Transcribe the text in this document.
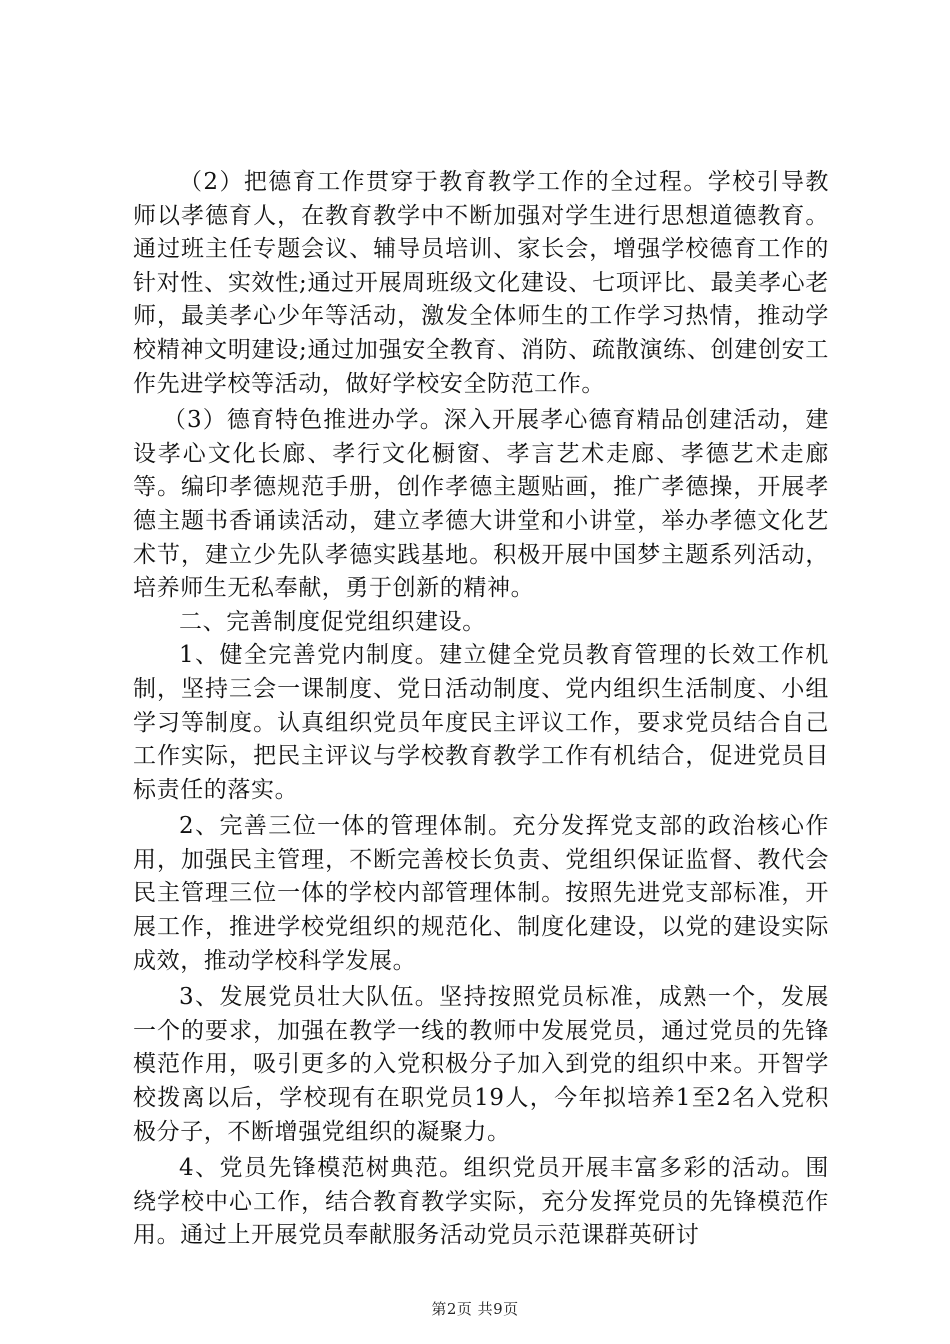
（2）把德育工作贯穿于教育教学工作的全过程。学校引导教师以孝德育人，在教育教学中不断加强对学生进行思想道德教育。通过班主任专题会议、辅导员培训、家长会，增强学校德育工作的针对性、实效性;通过开展周班级文化建设、七项评比、最美孝心老师，最美孝心少年等活动，激发全体师生的工作学习热情，推动学校精神文明建设;通过加强安全教育、消防、疏散演练、创建创安工作先进学校等活动，做好学校安全防范工作。

（3）德育特色推进办学。深入开展孝心德育精品创建活动，建设孝心文化长廊、孝行文化橱窗、孝言艺术走廊、孝德艺术走廊等。编印孝德规范手册，创作孝德主题贴画，推广孝德操，开展孝德主题书香诵读活动，建立孝德大讲堂和小讲堂，举办孝德文化艺术节，建立少先队孝德实践基地。积极开展中国梦主题系列活动，培养师生无私奉献，勇于创新的精神。

二、完善制度促党组织建设。

1、健全完善党内制度。建立健全党员教育管理的长效工作机制，坚持三会一课制度、党日活动制度、党内组织生活制度、小组学习等制度。认真组织党员年度民主评议工作，要求党员结合自己工作实际，把民主评议与学校教育教学工作有机结合，促进党员目标责任的落实。

2、完善三位一体的管理体制。充分发挥党支部的政治核心作用，加强民主管理，不断完善校长负责、党组织保证监督、教代会民主管理三位一体的学校内部管理体制。按照先进党支部标准，开展工作，推进学校党组织的规范化、制度化建设，以党的建设实际成效，推动学校科学发展。

3、发展党员壮大队伍。坚持按照党员标准，成熟一个，发展一个的要求，加强在教学一线的教师中发展党员，通过党员的先锋模范作用，吸引更多的入党积极分子加入到党的组织中来。开智学校拨离以后，学校现有在职党员19人，今年拟培养1至2名入党积极分子，不断增强党组织的凝聚力。

4、党员先锋模范树典范。组织党员开展丰富多彩的活动。围绕学校中心工作，结合教育教学实际，充分发挥党员的先锋模范作用。通过上开展党员奉献服务活动党员示范课群英研讨

第2页 共9页
